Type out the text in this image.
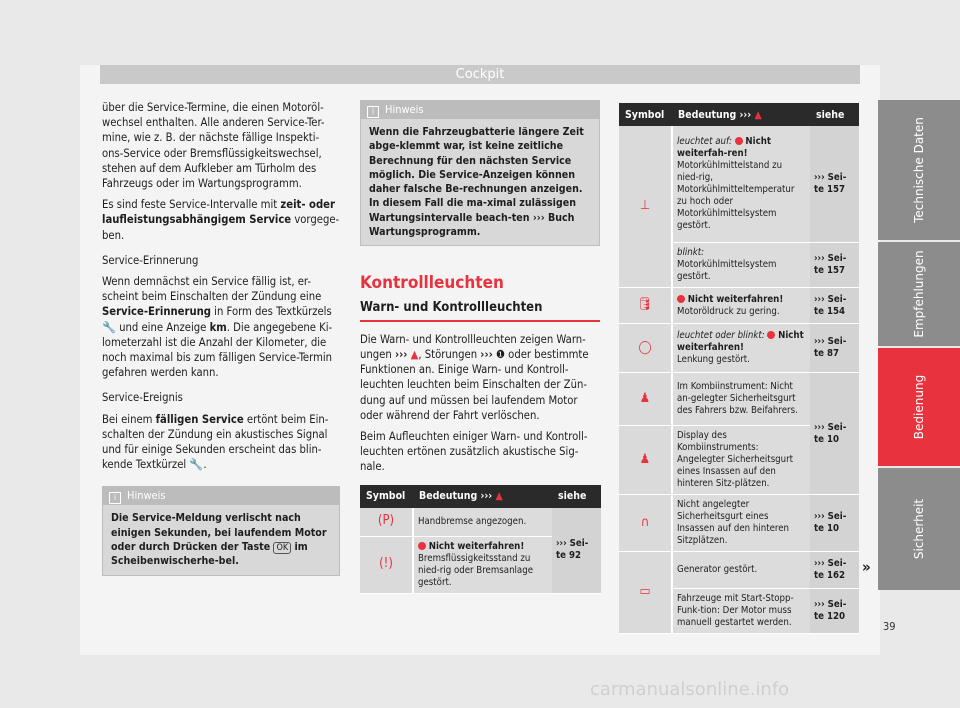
Cockpit

über die Service-Termine, die einen Motoröl-wechsel enthalten. Alle anderen Service-Ter-mine, wie z. B. der nächste fällige Inspekti-ons-Service oder Bremsflüssigkeitswechsel, stehen auf dem Aufkleber am Türholm des Fahrzeugs oder im Wartungsprogramm.

Es sind feste Service-Intervalle mit zeit- oder laufleistungsabhängigem Service vorgege-ben.

Service-Erinnerung

Wenn demnächst ein Service fällig ist, er-scheint beim Einschalten der Zündung eine Service-Erinnerung in Form des Textkürzels 🔧 und eine Anzeige km. Die angegebene Ki-lometerzahl ist die Anzahl der Kilometer, die noch maximal bis zum fälligen Service-Termin gefahren werden kann.

Service-Ereignis

Bei einem fälligen Service ertönt beim Ein-schalten der Zündung ein akustisches Signal und für einige Sekunden erscheint das blin-kende Textkürzel 🔧.

i Hinweis
Die Service-Meldung verlischt nach einigen Sekunden, bei laufendem Motor oder durch Drücken der Taste OK im Scheibenwischerhe-bel.
i Hinweis
Wenn die Fahrzeugbatterie längere Zeit abge-klemmt war, ist keine zeitliche Berechnung für den nächsten Service möglich. Die Service-Anzeigen können daher falsche Be-rechnungen anzeigen. In diesem Fall die ma-ximal zulässigen Wartungsintervalle beach-ten ››› Buch Wartungsprogramm.
Kontrollleuchten
Warn- und Kontrollleuchten

Die Warn- und Kontrollleuchten zeigen Warn-ungen ››› ▲, Störungen ››› ❶ oder bestimmte Funktionen an. Einige Warn- und Kontroll-leuchten leuchten beim Einschalten der Zün-dung auf und müssen bei laufendem Motor oder während der Fahrt verlöschen.

Beim Aufleuchten einiger Warn- und Kontroll-leuchten ertönen zusätzlich akustische Sig-nale.

Symbol	Bedeutung ››› ▲	siehe
(P)	Handbremse angezogen.	››› Sei-te 92
(!)	Nicht weiterfahren!
Bremsflüssigkeitsstand zu nied-rig oder Bremsanlage gestört.	
Symbol	Bedeutung ››› ▲	siehe
⊥	leuchtet auf: Nicht weiterfah-ren!
Motorkühlmittelstand zu nied-rig, Motorkühlmitteltemperatur zu hoch oder Motorkühlmittelsystem gestört.	››› Sei-te 157
	blinkt: Motorkühlmittelsystem gestört.	››› Sei-te 157
🛢	Nicht weiterfahren!
Motoröldruck zu gering.	››› Sei-te 154
◯	leuchtet oder blinkt: Nicht weiterfahren!
Lenkung gestört.	››› Sei-te 87
♟	Im Kombiinstrument: Nicht an-gelegter Sicherheitsgurt des Fahrers bzw. Beifahrers.	››› Sei-te 10
♟	Display des Kombiinstruments: Angelegter Sicherheitsgurt eines Insassen auf den hinteren Sitz-plätzen.	
∩	Nicht angelegter Sicherheitsgurt eines Insassen auf den hinteren Sitzplätzen.	››› Sei-te 10
▭	Generator gestört.	››› Sei-te 162
	Fahrzeuge mit Start-Stopp-Funk-tion: Der Motor muss manuell gestartet werden.	››› Sei-te 120
»
Technische Daten
Empfehlungen
Bedienung
Sicherheit
39
carmanualsonline.info
